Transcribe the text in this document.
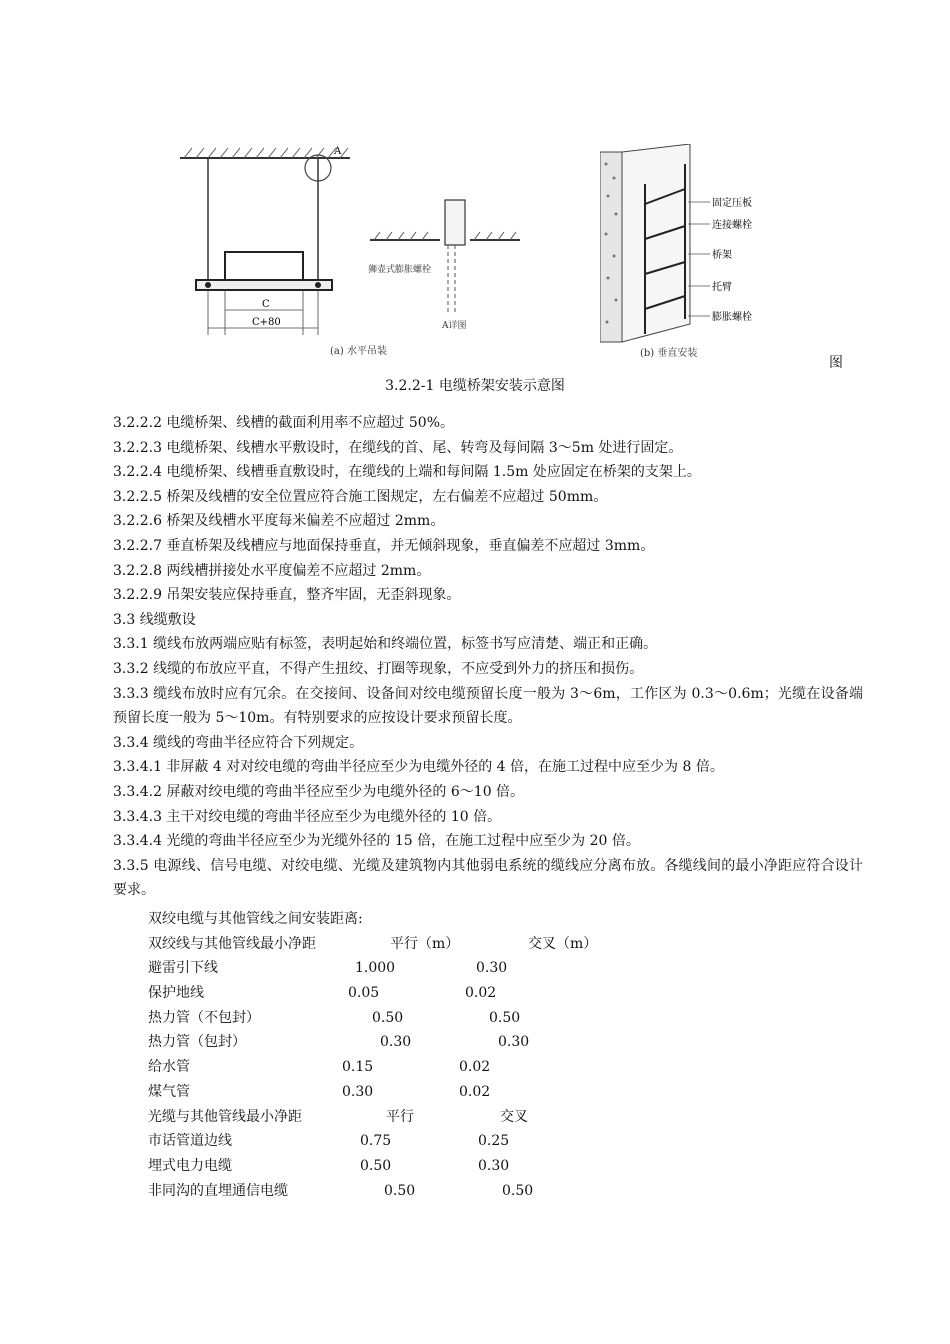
A
C
C+80
狮壶式膨胀螺栓
A详图
(a) 水平吊装
固定压板
连接螺栓
桥架
托臂
膨胀螺栓
(b) 垂直安装
图
3.2.2-1 电缆桥架安装示意图

3.2.2.2 电缆桥架、线槽的截面利用率不应超过 50%。

3.2.2.3 电缆桥架、线槽水平敷设时，在缆线的首、尾、转弯及每间隔 3～5m 处进行固定。

3.2.2.4 电缆桥架、线槽垂直敷设时，在缆线的上端和每间隔 1.5m 处应固定在桥架的支架上。

3.2.2.5 桥架及线槽的安全位置应符合施工图规定，左右偏差不应超过 50mm。

3.2.2.6 桥架及线槽水平度每米偏差不应超过 2mm。

3.2.2.7 垂直桥架及线槽应与地面保持垂直，并无倾斜现象，垂直偏差不应超过 3mm。

3.2.2.8 两线槽拼接处水平度偏差不应超过 2mm。

3.2.2.9 吊架安装应保持垂直，整齐牢固，无歪斜现象。

3.3 线缆敷设

3.3.1 缆线布放两端应贴有标签，表明起始和终端位置，标签书写应清楚、端正和正确。

3.3.2 线缆的布放应平直，不得产生扭绞、打圈等现象，不应受到外力的挤压和损伤。

3.3.3 缆线布放时应有冗余。在交接间、设备间对绞电缆预留长度一般为 3～6m，工作区为 0.3～0.6m；光缆在设备端预留长度一般为 5～10m。有特别要求的应按设计要求预留长度。

3.3.4 缆线的弯曲半径应符合下列规定。

3.3.4.1 非屏蔽 4 对对绞电缆的弯曲半径应至少为电缆外径的 4 倍，在施工过程中应至少为 8 倍。

3.3.4.2 屏蔽对绞电缆的弯曲半径应至少为电缆外径的 6～10 倍。

3.3.4.3 主干对绞电缆的弯曲半径应至少为电缆外径的 10 倍。

3.3.4.4 光缆的弯曲半径应至少为光缆外径的 15 倍，在施工过程中应至少为 20 倍。

3.3.5 电源线、信号电缆、对绞电缆、光缆及建筑物内其他弱电系统的缆线应分离布放。各缆线间的最小净距应符合设计要求。

双绞电缆与其他管线之间安装距离:
双绞线与其他管线最小净距	平行（m）	交叉（m）
避雷引下线	1.000	0.30
保护地线	0.05	0.02
热力管（不包封）	0.50	0.50
热力管（包封）	0.30	0.30
给水管	0.15	0.02
煤气管	0.30	0.02
光缆与其他管线最小净距	平行	交叉
市话管道边线	0.75	0.25
埋式电力电缆	0.50	0.30
非同沟的直埋通信电缆	0.50	0.50
